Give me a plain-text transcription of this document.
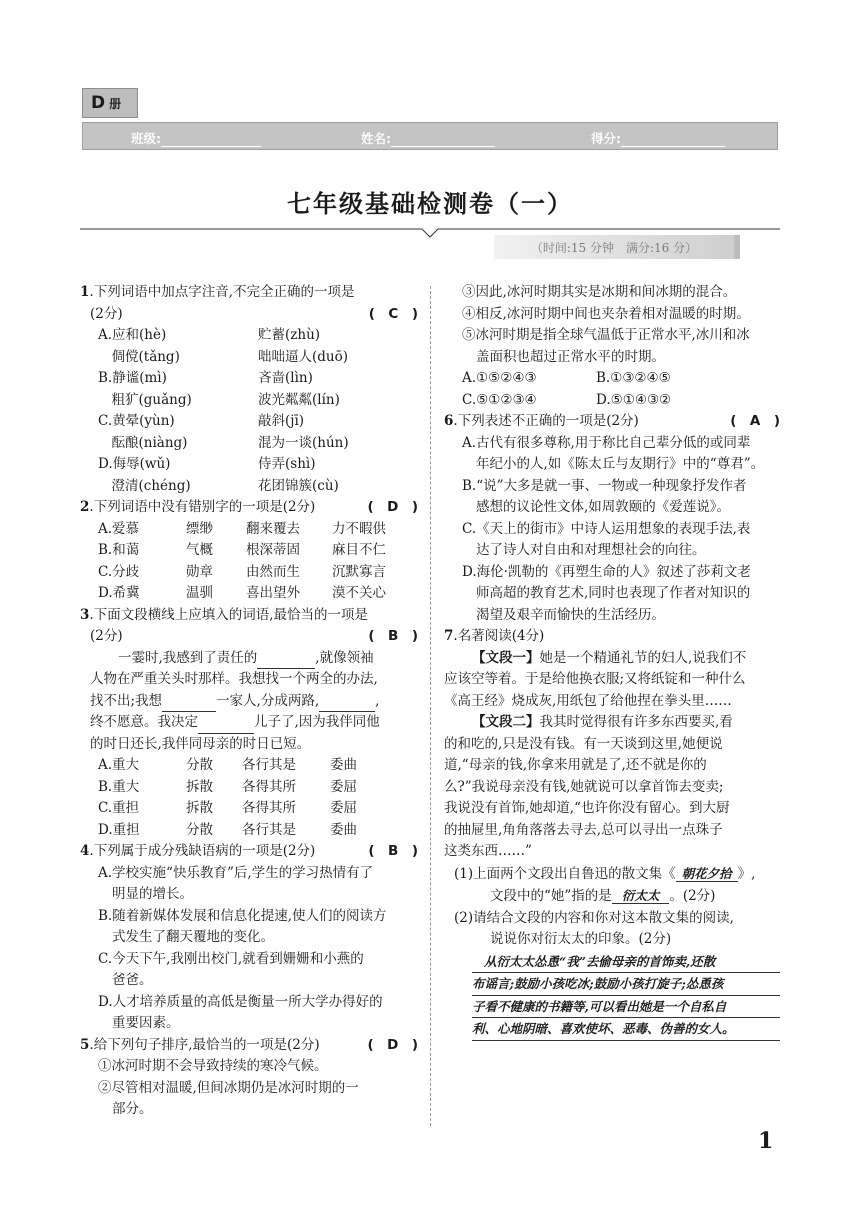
D 册
班级:	姓名:	得分:
七年级基础检测卷（一）
（时间:15 分钟　满分:16 分）
1.下列词语中加点字注音,不完全正确的一项是
(2分)	(　C　)
A.应和(hè)	贮蓄(zhù)
　倜傥(tǎng)	咄咄逼人(duō)
B.静谧(mì)	吝啬(lìn)
　粗犷(guǎng)	波光粼粼(lín)
C.黄晕(yùn)	敲斜(jī)
　酝酿(niàng)	混为一谈(hún)
D.侮辱(wǔ)	侍弄(shì)
　澄清(chéng)	花团锦簇(cù)
2.下列词语中没有错别字的一项是(2分)	(　D　)
A.爱慕	缥缈	翻来覆去	力不暇供
B.和蔼	气概	根深蒂固	麻目不仁
C.分歧	勋章	由然而生	沉默寡言
D.希冀	温驯	喜出望外	漠不关心
3.下面文段横线上应填入的词语,最恰当的一项是
(2分)	(　B　)
一霎时,我感到了责任的	,就像领袖
人物在严重关头时那样。我想找一个两全的办法,
找不出;我想	一家人,分成两路,	,
终不愿意。我决定	儿子了,因为我伴同他
的时日还长,我伴同母亲的时日已短。
A.重大	分散	各行其是	委曲
B.重大	拆散	各得其所	委屈
C.重担	拆散	各得其所	委屈
D.重担	分散	各行其是	委曲
4.下列属于成分残缺语病的一项是(2分)	(　B　)
A.学校实施“快乐教育”后,学生的学习热情有了
明显的增长。
B.随着新媒体发展和信息化提速,使人们的阅读方
式发生了翻天覆地的变化。
C.今天下午,我刚出校门,就看到姗姗和小燕的
爸爸。
D.人才培养质量的高低是衡量一所大学办得好的
重要因素。
5.给下列句子排序,最恰当的一项是(2分)	(　D　)
①冰河时期不会导致持续的寒冷气候。
②尽管相对温暖,但间冰期仍是冰河时期的一
部分。
③因此,冰河时期其实是冰期和间冰期的混合。
④相反,冰河时期中间也夹杂着相对温暖的时期。
⑤冰河时期是指全球气温低于正常水平,冰川和冰
盖面积也超过正常水平的时期。
A.①⑤②④③	B.①③②④⑤
C.⑤①②③④	D.⑤①④③②
6.下列表述不正确的一项是(2分)	(　A　)
A.古代有很多尊称,用于称比自己辈分低的或同辈
年纪小的人,如《陈太丘与友期行》中的“尊君”。
B.“说”大多是就一事、一物或一种现象抒发作者
感想的议论性文体,如周敦颐的《爱莲说》。
C.《天上的街市》中诗人运用想象的表现手法,表
达了诗人对自由和对理想社会的向往。
D.海伦·凯勒的《再塑生命的人》叙述了莎莉文老
师高超的教育艺术,同时也表现了作者对知识的
渴望及艰辛而愉快的生活经历。
7.名著阅读(4分)
【文段一】她是一个精通礼节的妇人,说我们不
应该空等着。于是给他换衣服;又将纸锭和一种什么
《高王经》烧成灰,用纸包了给他捏在拳头里……
【文段二】我其时觉得很有许多东西要买,看
的和吃的,只是没有钱。有一天谈到这里,她便说
道,“母亲的钱,你拿来用就是了,还不就是你的
么?”我说母亲没有钱,她就说可以拿首饰去变卖;
我说没有首饰,她却道,“也许你没有留心。到大厨
的抽屉里,角角落落去寻去,总可以寻出一点珠子
这类东西……”
(1)上面两个文段出自鲁迅的散文集《 朝花夕拾 》,
文段中的“她”指的是 衍太太 。(2分)
(2)请结合文段的内容和你对这本散文集的阅读,
说说你对衍太太的印象。(2分)
从衍太太怂恿“我”去偷母亲的首饰卖,还散
布谣言;鼓励小孩吃冰;鼓励小孩打旋子;怂恿孩
子看不健康的书籍等,可以看出她是一个自私自
利、心地阴暗、喜欢使坏、恶毒、伪善的女人。
1
